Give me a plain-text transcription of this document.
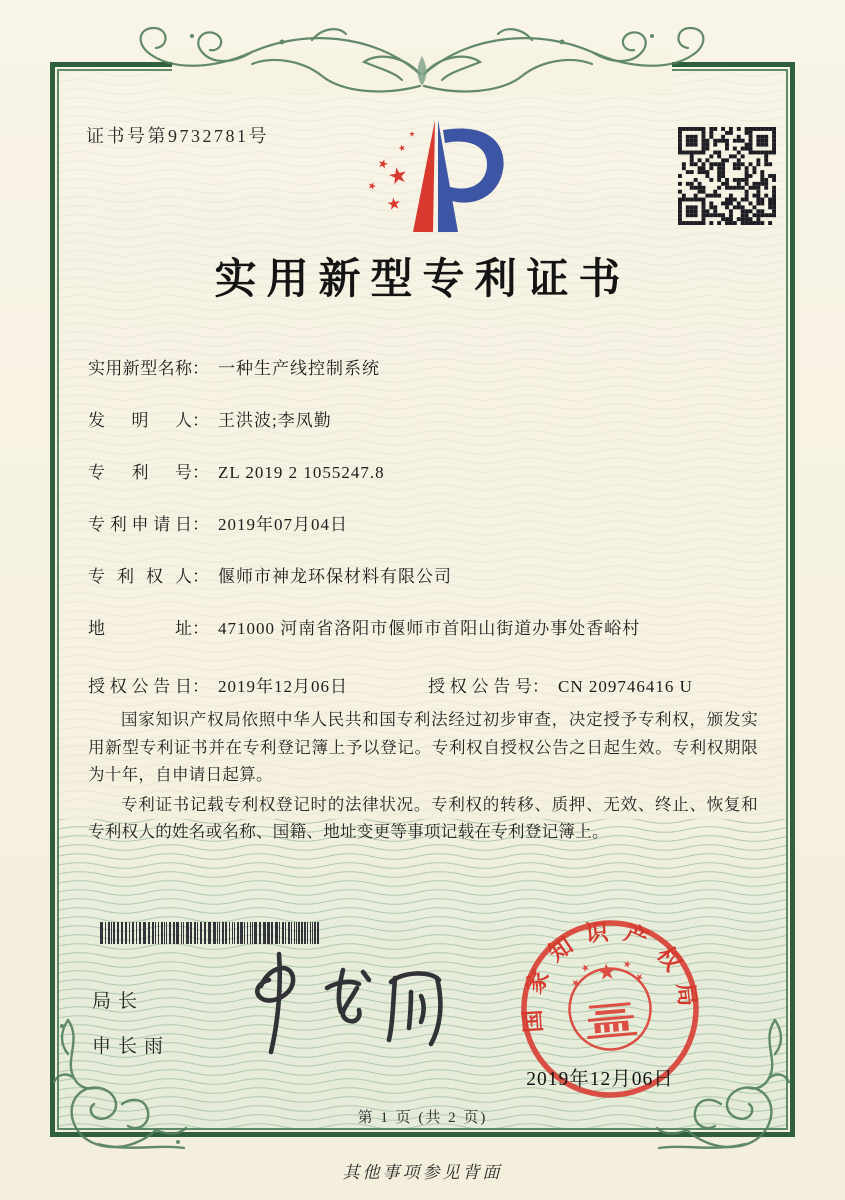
证书号第9732781号
实用新型专利证书
实用新型名称： 一种生产线控制系统
发明人： 王洪波;李凤勤
专利号： ZL 2019 2 1055247.8
专利申请日： 2019年07月04日
专利权人： 偃师市神龙环保材料有限公司
地址： 471000 河南省洛阳市偃师市首阳山街道办事处香峪村
授权公告日： 2019年12月06日	授权公告号： CN 209746416 U

国家知识产权局依照中华人民共和国专利法经过初步审查，决定授予专利权，颁发实用新型专利证书并在专利登记簿上予以登记。专利权自授权公告之日起生效。专利权期限为十年，自申请日起算。

专利证书记载专利权登记时的法律状况。专利权的转移、质押、无效、终止、恢复和专利权人的姓名或名称、国籍、地址变更等事项记载在专利登记簿上。

局长
申长雨
国家知识产权局
2019年12月06日
第 1 页 (共 2 页)
其他事项参见背面
